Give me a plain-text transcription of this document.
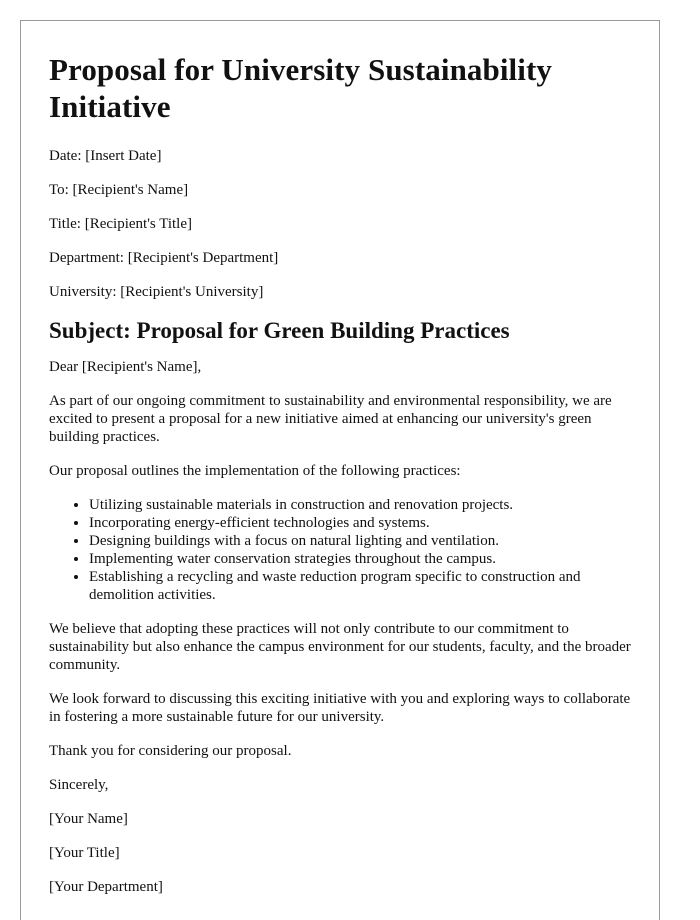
Proposal for University Sustainability Initiative

Date: [Insert Date]

To: [Recipient's Name]

Title: [Recipient's Title]

Department: [Recipient's Department]

University: [Recipient's University]

Subject: Proposal for Green Building Practices

Dear [Recipient's Name],

As part of our ongoing commitment to sustainability and environmental responsibility, we are excited to present a proposal for a new initiative aimed at enhancing our university's green building practices.

Our proposal outlines the implementation of the following practices:

• Utilizing sustainable materials in construction and renovation projects.
• Incorporating energy-efficient technologies and systems.
• Designing buildings with a focus on natural lighting and ventilation.
• Implementing water conservation strategies throughout the campus.
• Establishing a recycling and waste reduction program specific to construction and demolition activities.

We believe that adopting these practices will not only contribute to our commitment to sustainability but also enhance the campus environment for our students, faculty, and the broader community.

We look forward to discussing this exciting initiative with you and exploring ways to collaborate in fostering a more sustainable future for our university.

Thank you for considering our proposal.

Sincerely,

[Your Name]

[Your Title]

[Your Department]
